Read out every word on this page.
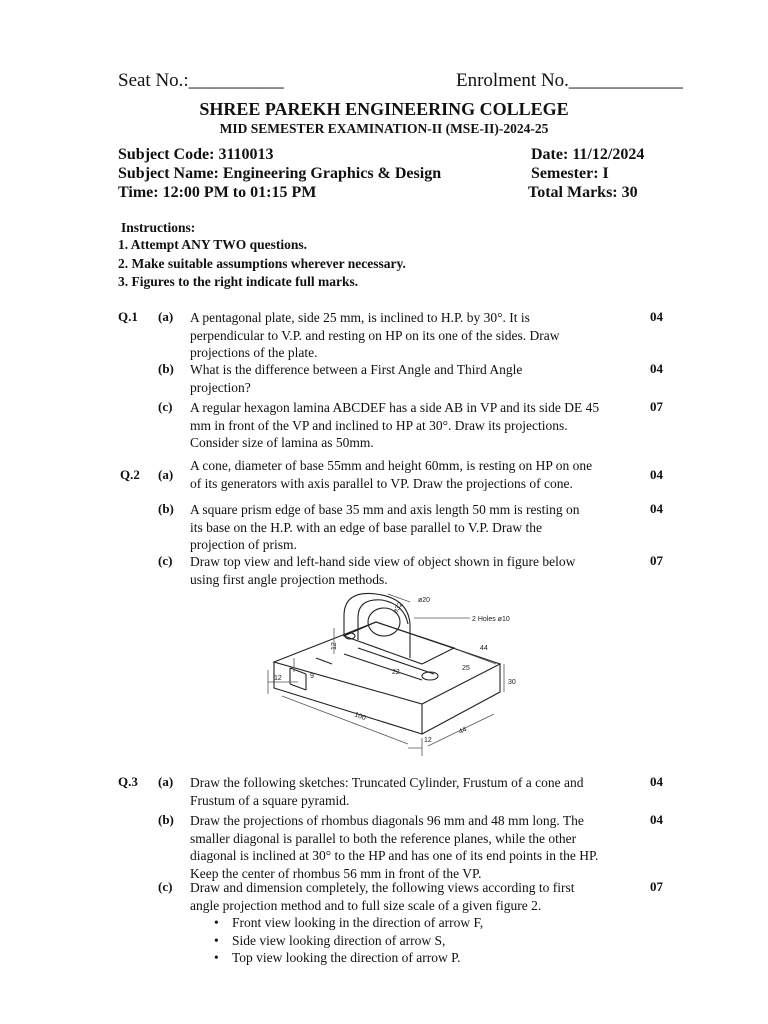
Seat No.:__________	Enrolment No.____________
SHREE PAREKH ENGINEERING COLLEGE
MID SEMESTER EXAMINATION-II (MSE-II)-2024-25
Subject Code: 3110013	Date: 11/12/2024
Subject Name: Engineering Graphics & Design	Semester: I
Time: 12:00 PM to 01:15 PM	Total Marks: 30
Instructions:
1. Attempt ANY TWO questions.
2. Make suitable assumptions wherever necessary.
3. Figures to the right indicate full marks.
Q.1 (a) A pentagonal plate, side 25 mm, is inclined to H.P. by 30°. It is
perpendicular to V.P. and resting on HP on its one of the sides. Draw
projections of the plate.
04
(b) What is the difference between a First Angle and Third Angle
projection?
04
(c) A regular hexagon lamina ABCDEF has a side AB in VP and its side DE 45
mm in front of the VP and inclined to HP at 30°. Draw its projections.
Consider size of lamina as 50mm.
07
Q.2 (a)
A cone, diameter of base 55mm and height 60mm, is resting on HP on one
of its generators with axis parallel to VP. Draw the projections of cone.
04
(b) A square prism edge of base 35 mm and axis length 50 mm is resting on
its base on the H.P. with an edge of base parallel to V.P. Draw the
projection of prism.
04
(c) Draw top view and left-hand side view of object shown in figure below
using first angle projection methods.
07
ø20
2 Holes ø10
ø32
12
22
25
44
30
12	9
100
12
44
Q.3 (a) Draw the following sketches: Truncated Cylinder, Frustum of a cone and
Frustum of a square pyramid.
04
(b) Draw the projections of rhombus diagonals 96 mm and 48 mm long. The
smaller diagonal is parallel to both the reference planes, while the other
diagonal is inclined at 30° to the HP and has one of its end points in the HP.
Keep the center of rhombus 56 mm in front of the VP.
04
(c) Draw and dimension completely, the following views according to first
angle projection method and to full size scale of a given figure 2.
• Front view looking in the direction of arrow F,
• Side view looking direction of arrow S,
• Top view looking the direction of arrow P.
07
